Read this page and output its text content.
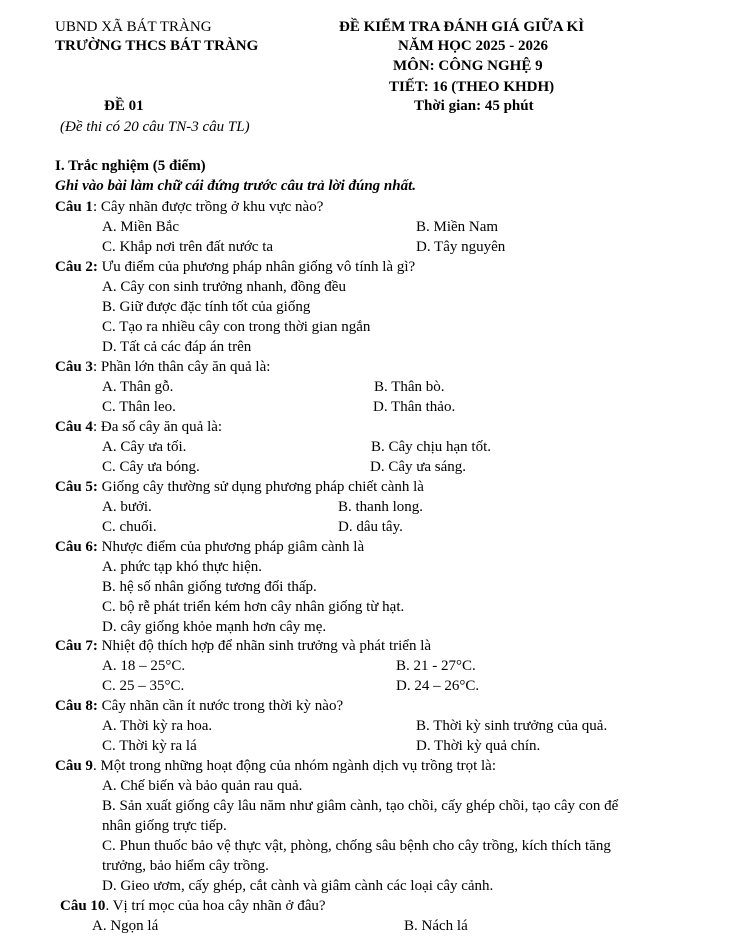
UBND XÃ BÁT TRÀNG
TRƯỜNG THCS BÁT TRÀNG
ĐỀ KIỂM TRA ĐÁNH GIÁ GIỮA KÌ
NĂM HỌC 2025 - 2026
MÔN: CÔNG NGHỆ 9
TIẾT: 16 (THEO KHDH)
ĐỀ 01	Thời gian: 45 phút
(Đề thi có 20 câu TN-3 câu TL)
I. Trắc nghiệm (5 điểm)
Ghi vào bài làm chữ cái đứng trước câu trả lời đúng nhất.
Câu 1: Cây nhãn được trồng ở khu vực nào?
A. Miền Bắc	B. Miền Nam
C. Khắp nơi trên đất nước ta	D. Tây nguyên
Câu 2: Ưu điểm của phương pháp nhân giống vô tính là gì?
A. Cây con sinh trưởng nhanh, đồng đều
B. Giữ được đặc tính tốt của giống
C. Tạo ra nhiều cây con trong thời gian ngắn
D. Tất cả các đáp án trên
Câu 3: Phần lớn thân cây ăn quả là:
A. Thân gỗ.	B. Thân bò.
C. Thân leo.	D. Thân thảo.
Câu 4: Đa số cây ăn quả là:
A. Cây ưa tối.	B. Cây chịu hạn tốt.
C. Cây ưa bóng.	D. Cây ưa sáng.
Câu 5: Giống cây thường sử dụng phương pháp chiết cành là
A. bưởi.	B. thanh long.
C. chuối.	D. dâu tây.
Câu 6: Nhược điểm của phương pháp giâm cành là
A. phức tạp khó thực hiện.
B. hệ số nhân giống tương đối thấp.
C. bộ rễ phát triển kém hơn cây nhân giống từ hạt.
D. cây giống khỏe mạnh hơn cây mẹ.
Câu 7: Nhiệt độ thích hợp để nhãn sinh trưởng và phát triển là
A. 18 – 25°C.	B. 21 - 27°C.
C. 25 – 35°C.	D. 24 – 26°C.
Câu 8: Cây nhãn cần ít nước trong thời kỳ nào?
A. Thời kỳ ra hoa.	B. Thời kỳ sinh trưởng của quả.
C. Thời kỳ ra lá	D. Thời kỳ quả chín.
Câu 9. Một trong những hoạt động của nhóm ngành dịch vụ trồng trọt là:
A. Chế biến và bảo quản rau quả.
B. Sản xuất giống cây lâu năm như giâm cành, tạo chồi, cấy ghép chồi, tạo cây con để
nhân giống trực tiếp.
C. Phun thuốc bảo vệ thực vật, phòng, chống sâu bệnh cho cây trồng, kích thích tăng
trưởng, bảo hiểm cây trồng.
D. Gieo ươm, cấy ghép, cắt cành và giâm cành các loại cây cảnh.
Câu 10. Vị trí mọc của hoa cây nhãn ở đâu?
A. Ngọn lá	B. Nách lá
